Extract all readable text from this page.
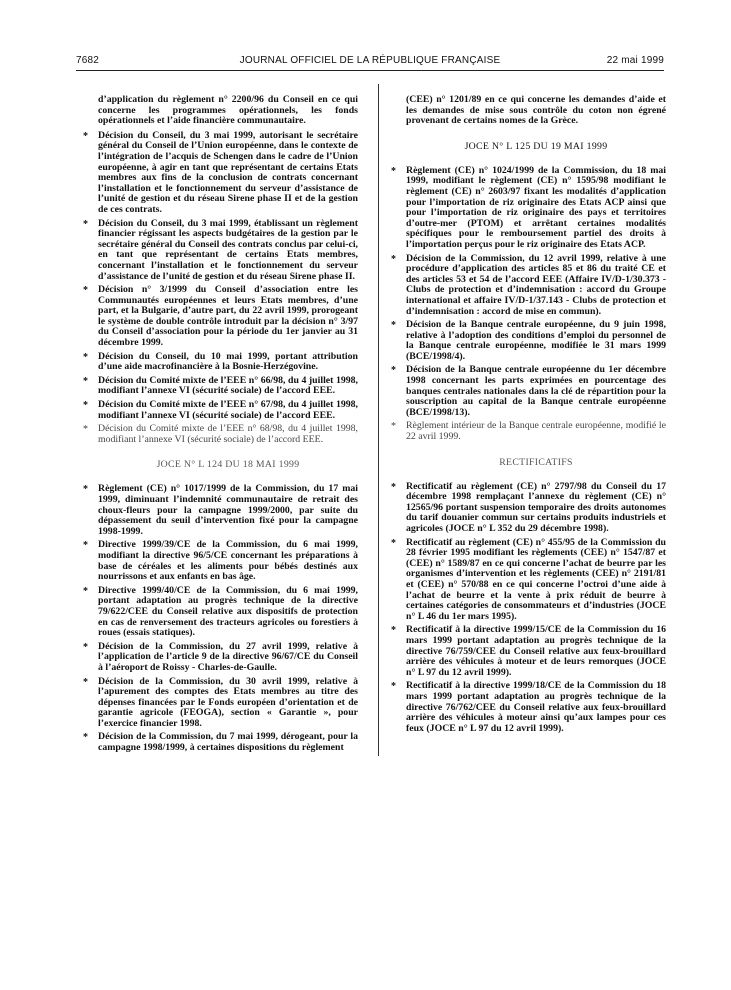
7682	JOURNAL OFFICIEL DE LA RÉPUBLIQUE FRANÇAISE	22 mai 1999

d’application du règlement n° 2200/96 du Conseil en ce qui concerne les programmes opérationnels, les fonds opérationnels et l’aide financière communautaire.

* Décision du Conseil, du 3 mai 1999, autorisant le secrétaire général du Conseil de l’Union européenne, dans le contexte de l’intégration de l’acquis de Schengen dans le cadre de l’Union européenne, à agir en tant que représentant de certains Etats membres aux fins de la conclusion de contrats concernant l’installation et le fonctionnement du serveur d’assistance de l’unité de gestion et du réseau Sirene phase II et de la gestion de ces contrats.

* Décision du Conseil, du 3 mai 1999, établissant un règlement financier régissant les aspects budgétaires de la gestion par le secrétaire général du Conseil des contrats conclus par celui-ci, en tant que représentant de certains Etats membres, concernant l’installation et le fonctionnement du serveur d’assistance de l’unité de gestion et du réseau Sirene phase II.

* Décision n° 3/1999 du Conseil d’association entre les Communautés européennes et leurs Etats membres, d’une part, et la Bulgarie, d’autre part, du 22 avril 1999, prorogeant le système de double contrôle introduit par la décision n° 3/97 du Conseil d’association pour la période du 1er janvier au 31 décembre 1999.

* Décision du Conseil, du 10 mai 1999, portant attribution d’une aide macrofinancière à la Bosnie-Herzégovine.

* Décision du Comité mixte de l’EEE n° 66/98, du 4 juillet 1998, modifiant l’annexe VI (sécurité sociale) de l’accord EEE.

* Décision du Comité mixte de l’EEE n° 67/98, du 4 juillet 1998, modifiant l’annexe VI (sécurité sociale) de l’accord EEE.

* Décision du Comité mixte de l’EEE n° 68/98, du 4 juillet 1998, modifiant l’annexe VI (sécurité sociale) de l’accord EEE.

JOCE N° L 124 DU 18 MAI 1999
* Règlement (CE) n° 1017/1999 de la Commission, du 17 mai 1999, diminuant l’indemnité communautaire de retrait des choux-fleurs pour la campagne 1999/2000, par suite du dépassement du seuil d’intervention fixé pour la campagne 1998-1999.

* Directive 1999/39/CE de la Commission, du 6 mai 1999, modifiant la directive 96/5/CE concernant les préparations à base de céréales et les aliments pour bébés destinés aux nourrissons et aux enfants en bas âge.

* Directive 1999/40/CE de la Commission, du 6 mai 1999, portant adaptation au progrès technique de la directive 79/622/CEE du Conseil relative aux dispositifs de protection en cas de renversement des tracteurs agricoles ou forestiers à roues (essais statiques).

* Décision de la Commission, du 27 avril 1999, relative à l’application de l’article 9 de la directive 96/67/CE du Conseil à l’aéroport de Roissy - Charles-de-Gaulle.

* Décision de la Commission, du 30 avril 1999, relative à l’apurement des comptes des Etats membres au titre des dépenses financées par le Fonds européen d’orientation et de garantie agricole (FEOGA), section « Garantie », pour l’exercice financier 1998.

* Décision de la Commission, du 7 mai 1999, dérogeant, pour la campagne 1998/1999, à certaines dispositions du règlement

(CEE) n° 1201/89 en ce qui concerne les demandes d’aide et les demandes de mise sous contrôle du coton non égrené provenant de certains nomes de la Grèce.

JOCE N° L 125 DU 19 MAI 1999
* Règlement (CE) n° 1024/1999 de la Commission, du 18 mai 1999, modifiant le règlement (CE) n° 1595/98 modifiant le règlement (CE) n° 2603/97 fixant les modalités d’application pour l’importation de riz originaire des Etats ACP ainsi que pour l’importation de riz originaire des pays et territoires d’outre-mer (PTOM) et arrêtant certaines modalités spécifiques pour le remboursement partiel des droits à l’importation perçus pour le riz originaire des Etats ACP.

* Décision de la Commission, du 12 avril 1999, relative à une procédure d’application des articles 85 et 86 du traité CE et des articles 53 et 54 de l’accord EEE (Affaire IV/D-1/30.373 - Clubs de protection et d’indemnisation : accord du Groupe international et affaire IV/D-1/37.143 - Clubs de protection et d’indemnisation : accord de mise en commun).

* Décision de la Banque centrale européenne, du 9 juin 1998, relative à l’adoption des conditions d’emploi du personnel de la Banque centrale européenne, modifiée le 31 mars 1999 (BCE/1998/4).

* Décision de la Banque centrale européenne du 1er décembre 1998 concernant les parts exprimées en pourcentage des banques centrales nationales dans la clé de répartition pour la souscription au capital de la Banque centrale européenne (BCE/1998/13).

* Règlement intérieur de la Banque centrale européenne, modifié le 22 avril 1999.

RECTIFICATIFS
* Rectificatif au règlement (CE) n° 2797/98 du Conseil du 17 décembre 1998 remplaçant l’annexe du règlement (CE) n° 12565/96 portant suspension temporaire des droits autonomes du tarif douanier commun sur certains produits industriels et agricoles (JOCE n° L 352 du 29 décembre 1998).

* Rectificatif au règlement (CE) n° 455/95 de la Commission du 28 février 1995 modifiant les règlements (CEE) n° 1547/87 et (CEE) n° 1589/87 en ce qui concerne l’achat de beurre par les organismes d’intervention et les règlements (CEE) n° 2191/81 et (CEE) n° 570/88 en ce qui concerne l’octroi d’une aide à l’achat de beurre et la vente à prix réduit de beurre à certaines catégories de consommateurs et d’industries (JOCE n° L 46 du 1er mars 1995).

* Rectificatif à la directive 1999/15/CE de la Commission du 16 mars 1999 portant adaptation au progrès technique de la directive 76/759/CEE du Conseil relative aux feux-brouillard arrière des véhicules à moteur et de leurs remorques (JOCE n° L 97 du 12 avril 1999).

* Rectificatif à la directive 1999/18/CE de la Commission du 18 mars 1999 portant adaptation au progrès technique de la directive 76/762/CEE du Conseil relative aux feux-brouillard arrière des véhicules à moteur ainsi qu’aux lampes pour ces feux (JOCE n° L 97 du 12 avril 1999).
